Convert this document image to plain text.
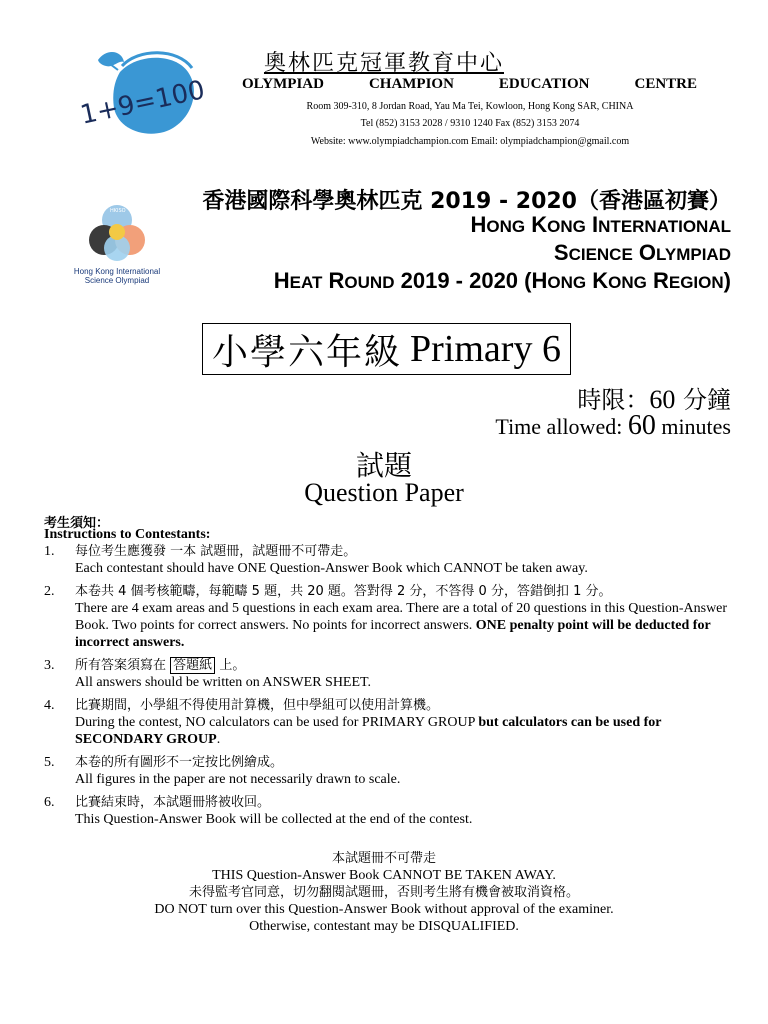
1+9=100
奧林匹克冠軍教育中心
OLYMPIAD	CHAMPION	EDUCATION	CENTRE
Room 309-310, 8 Jordan Road, Yau Ma Tei, Kowloon, Hong Kong SAR, CHINA
Tel (852) 3153 2028 / 9310 1240 Fax (852) 3153 2074
Website: www.olympiadchampion.com Email: olympiadchampion@gmail.com
HKISO
Hong Kong International
Science Olympiad
香港國際科學奧林匹克 2019 - 2020（香港區初賽）
HONG KONG INTERNATIONAL
SCIENCE OLYMPIAD
HEAT ROUND 2019 - 2020 (HONG KONG REGION)
小學六年級 Primary 6
時限：60 分鐘
Time allowed: 60 minutes
試題
Question Paper
考生須知：
Instructions to Contestants:
1. 每位考生應獲發 一本 試題冊，試題冊不可帶走。
Each contestant should have ONE Question-Answer Book which CANNOT be taken away.
2. 本卷共 4 個考核範疇，每範疇 5 題，共 20 題。答對得 2 分，不答得 0 分，答錯倒扣 1 分。
There are 4 exam areas and 5 questions in each exam area. There are a total of 20 questions in this Question-Answer Book. Two points for correct answers. No points for incorrect answers. ONE penalty point will be deducted for incorrect answers.
3. 所有答案須寫在 答題紙 上。
All answers should be written on ANSWER SHEET.
4. 比賽期間，小學組不得使用計算機，但中學組可以使用計算機。
During the contest, NO calculators can be used for PRIMARY GROUP but calculators can be used for SECONDARY GROUP.
5. 本卷的所有圖形不一定按比例繪成。
All figures in the paper are not necessarily drawn to scale.
6. 比賽結束時，本試題冊將被收回。
This Question-Answer Book will be collected at the end of the contest.
本試題冊不可帶走
THIS Question-Answer Book CANNOT BE TAKEN AWAY.
未得監考官同意，切勿翻閱試題冊，否則考生將有機會被取消資格。
DO NOT turn over this Question-Answer Book without approval of the examiner.
Otherwise, contestant may be DISQUALIFIED.
